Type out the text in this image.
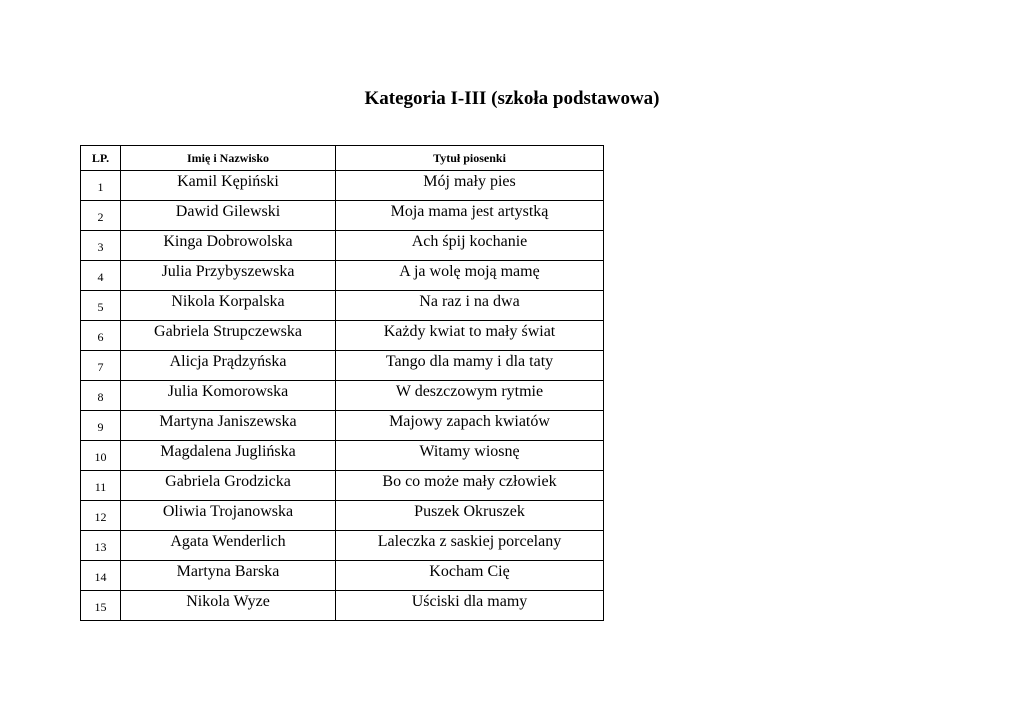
Kategoria I-III (szkoła podstawowa)
LP.	Imię i Nazwisko	Tytuł piosenki
1	Kamil Kępiński	Mój mały pies
2	Dawid Gilewski	Moja mama jest artystką
3	Kinga Dobrowolska	Ach śpij kochanie
4	Julia Przybyszewska	A ja wolę moją mamę
5	Nikola Korpalska	Na raz i na dwa
6	Gabriela Strupczewska	Każdy kwiat to mały świat
7	Alicja Prądzyńska	Tango dla mamy i dla taty
8	Julia Komorowska	W deszczowym rytmie
9	Martyna Janiszewska	Majowy zapach kwiatów
10	Magdalena Juglińska	Witamy wiosnę
11	Gabriela Grodzicka	Bo co może mały człowiek
12	Oliwia Trojanowska	Puszek Okruszek
13	Agata Wenderlich	Laleczka z saskiej porcelany
14	Martyna Barska	Kocham Cię
15	Nikola Wyze	Uściski dla mamy
